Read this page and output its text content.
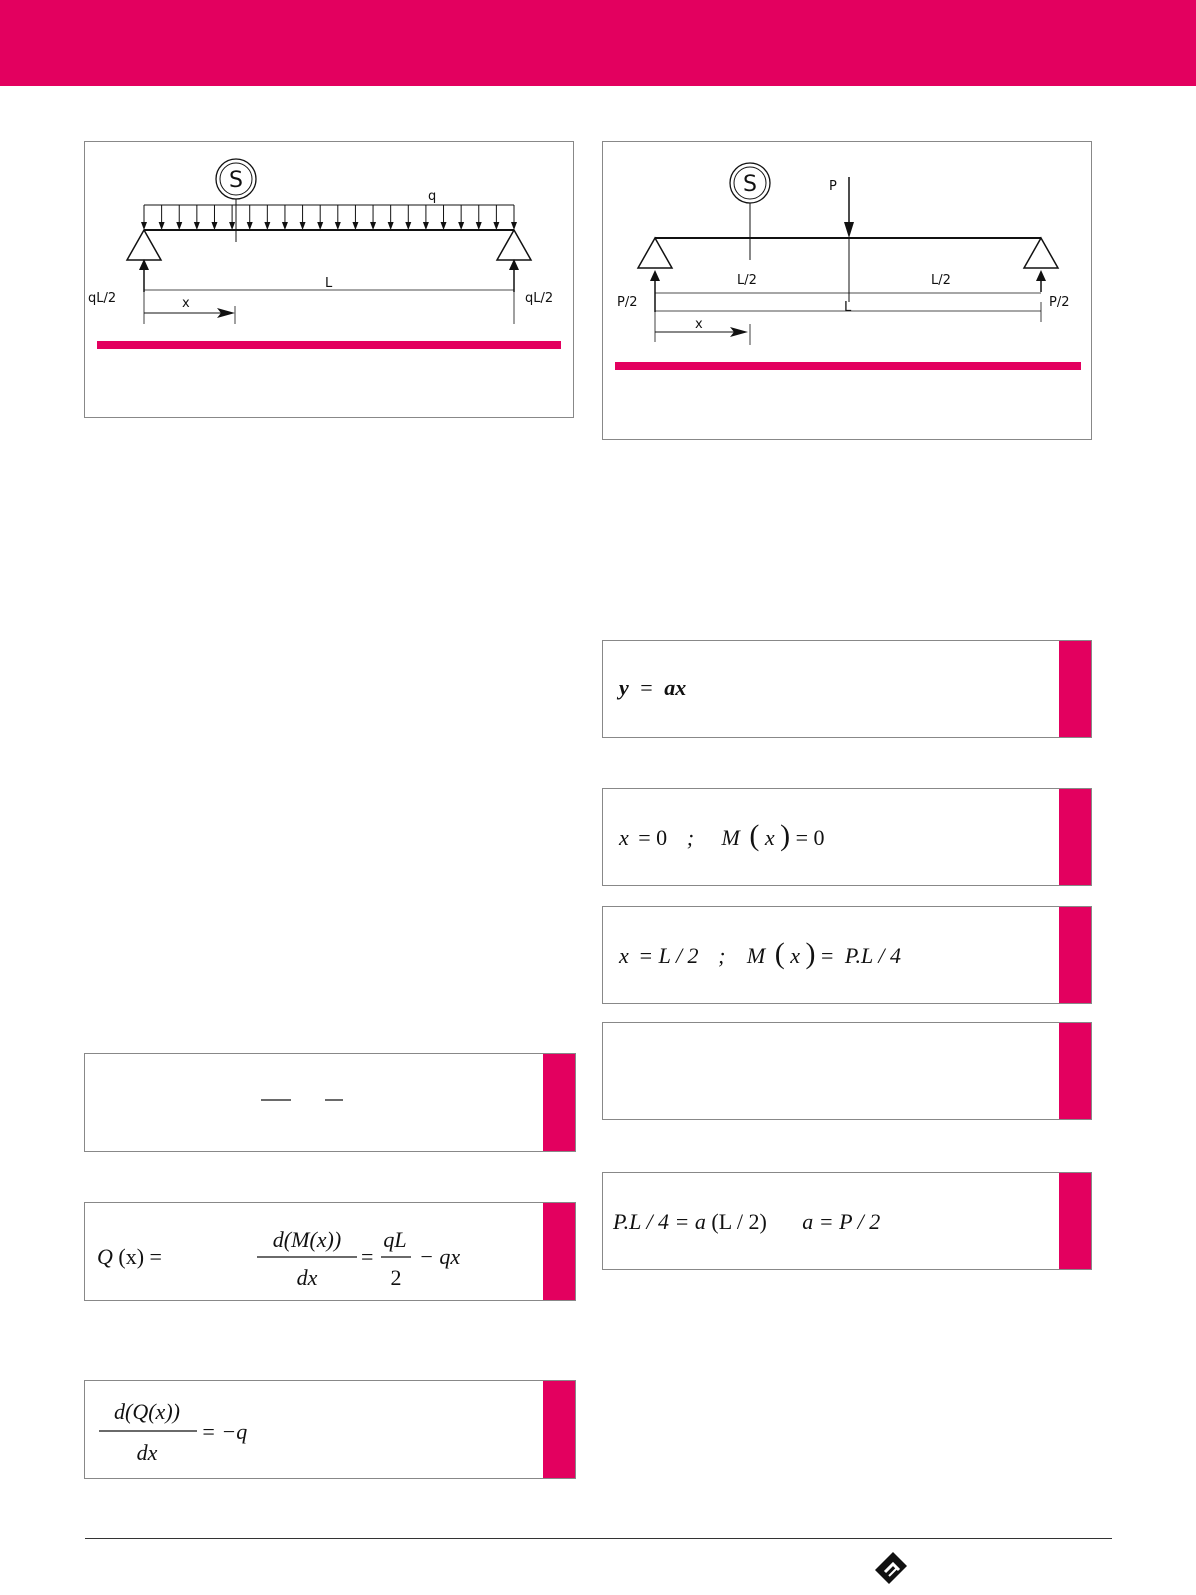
S
q
qL/2	qL/2
L
x
S	P
L/2	L/2
L
P/2	P/2
x
y = ax
x = 0 ; M ( x ) = 0
x = L / 2 ; M ( x ) = P.L / 4
P.L / 4 = a (L / 2) a = P / 2
Q (x) =
d(M(x))
dx
=
qL
2
− qx
d(Q(x))
dx
= −q
